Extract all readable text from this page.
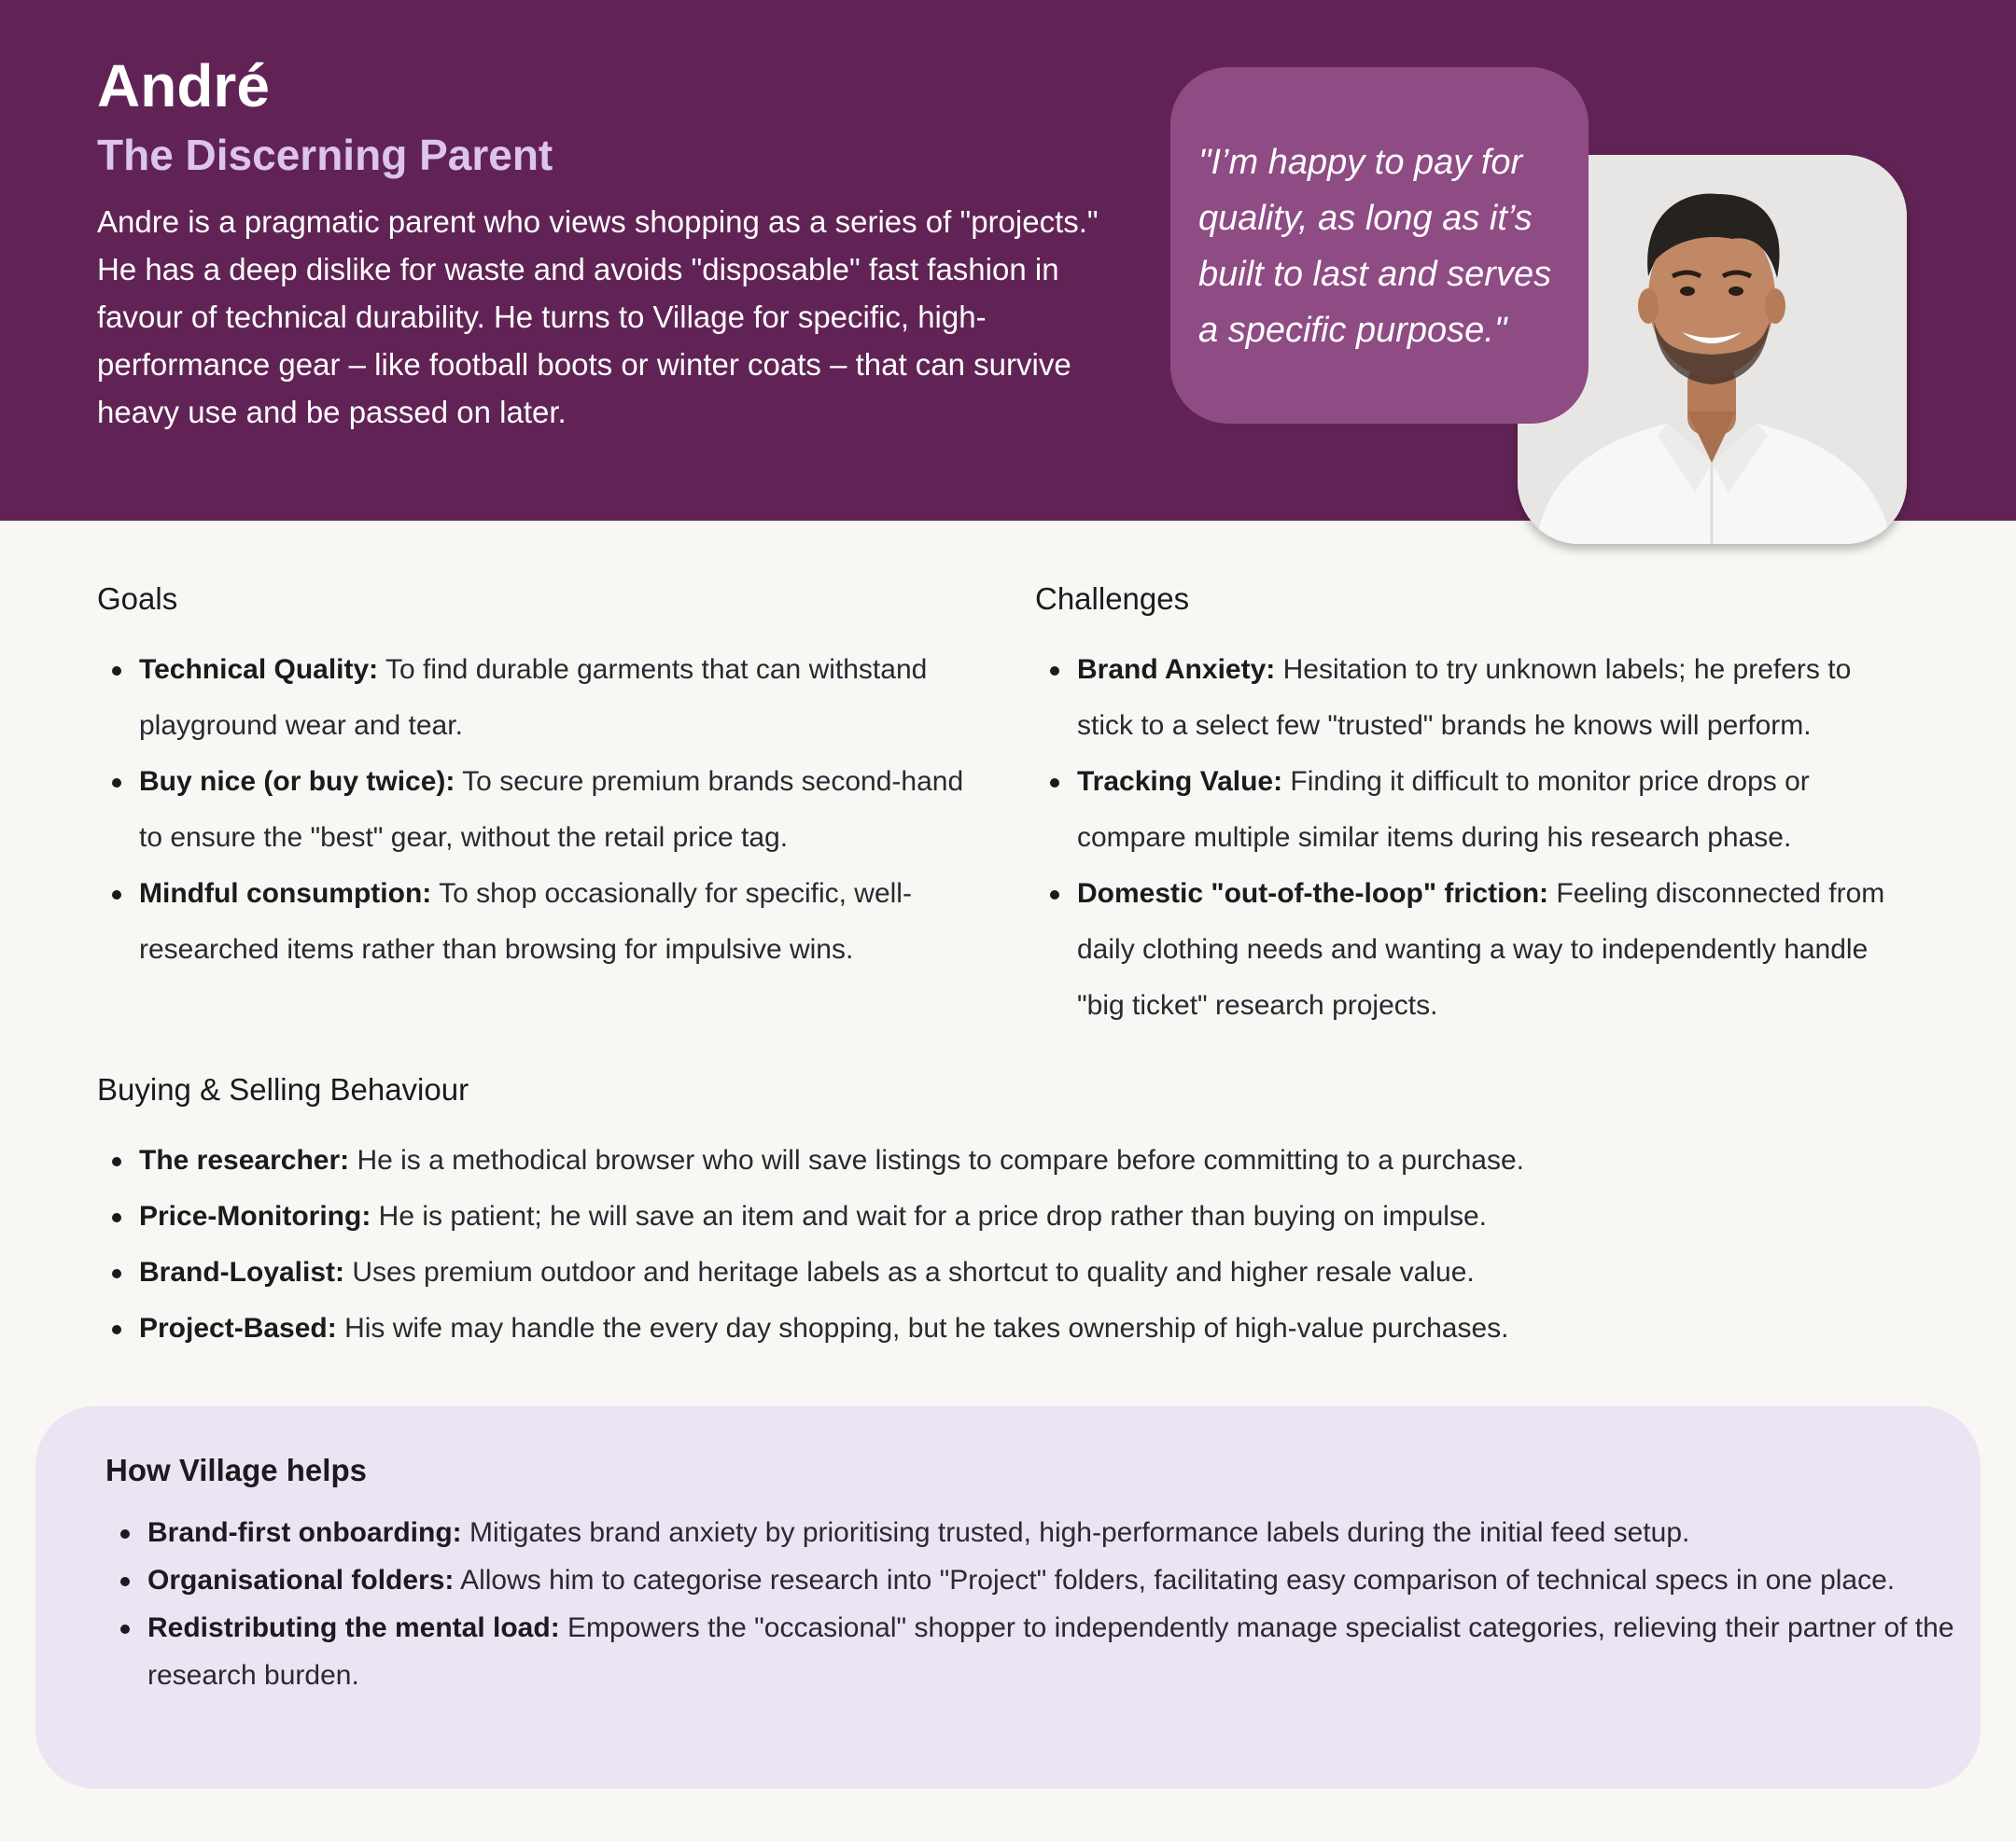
André
The Discerning Parent

Andre is a pragmatic parent who views shopping as a series of "projects." He has a deep dislike for waste and avoids "disposable" fast fashion in favour of technical durability. He turns to Village for specific, high-performance gear – like football boots or winter coats – that can survive heavy use and be passed on later.

"I’m happy to pay for quality, as long as it’s built to last and serves a specific purpose."

Goals
Technical Quality: To find durable garments that can withstand playground wear and tear.
Buy nice (or buy twice): To secure premium brands second-hand to ensure the "best" gear, without the retail price tag.
Mindful consumption: To shop occasionally for specific, well-researched items rather than browsing for impulsive wins.
Challenges
Brand Anxiety: Hesitation to try unknown labels; he prefers to stick to a select few "trusted" brands he knows will perform.
Tracking Value: Finding it difficult to monitor price drops or compare multiple similar items during his research phase.
Domestic "out-of-the-loop" friction: Feeling disconnected from daily clothing needs and wanting a way to independently handle "big ticket" research projects.
Buying & Selling Behaviour
The researcher: He is a methodical browser who will save listings to compare before committing to a purchase.
Price-Monitoring: He is patient; he will save an item and wait for a price drop rather than buying on impulse.
Brand-Loyalist: Uses premium outdoor and heritage labels as a shortcut to quality and higher resale value.
Project-Based: His wife may handle the every day shopping, but he takes ownership of high-value purchases.
How Village helps
Brand-first onboarding: Mitigates brand anxiety by prioritising trusted, high-performance labels during the initial feed setup.
Organisational folders: Allows him to categorise research into "Project" folders, facilitating easy comparison of technical specs in one place.
Redistributing the mental load: Empowers the "occasional" shopper to independently manage specialist categories, relieving their partner of the research burden.
